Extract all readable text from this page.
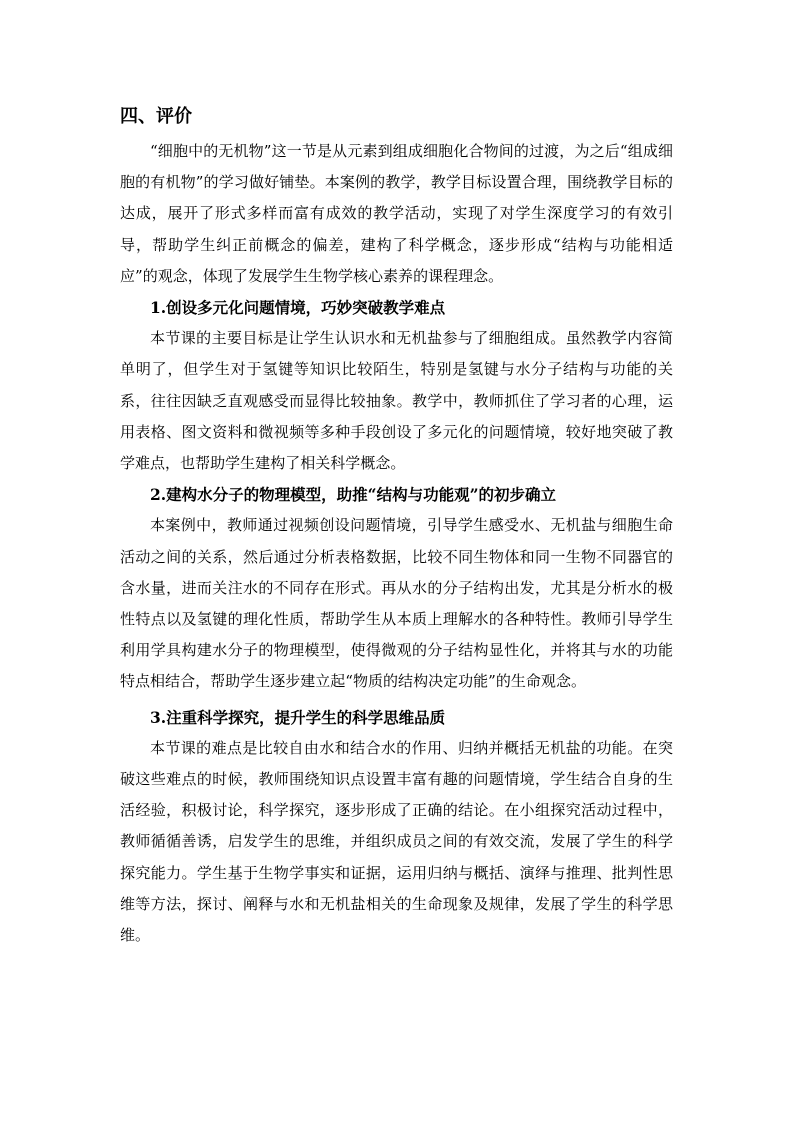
四、评价

“细胞中的无机物”这一节是从元素到组成细胞化合物间的过渡，为之后“组成细胞的有机物”的学习做好铺垫。本案例的教学，教学目标设置合理，围绕教学目标的达成，展开了形式多样而富有成效的教学活动，实现了对学生深度学习的有效引导，帮助学生纠正前概念的偏差，建构了科学概念，逐步形成“结构与功能相适应”的观念，体现了发展学生生物学核心素养的课程理念。

1.创设多元化问题情境，巧妙突破教学难点

本节课的主要目标是让学生认识水和无机盐参与了细胞组成。虽然教学内容简单明了，但学生对于氢键等知识比较陌生，特别是氢键与水分子结构与功能的关系，往往因缺乏直观感受而显得比较抽象。教学中，教师抓住了学习者的心理，运用表格、图文资料和微视频等多种手段创设了多元化的问题情境，较好地突破了教学难点，也帮助学生建构了相关科学概念。

2.建构水分子的物理模型，助推“结构与功能观”的初步确立

本案例中，教师通过视频创设问题情境，引导学生感受水、无机盐与细胞生命活动之间的关系，然后通过分析表格数据，比较不同生物体和同一生物不同器官的含水量，进而关注水的不同存在形式。再从水的分子结构出发，尤其是分析水的极性特点以及氢键的理化性质，帮助学生从本质上理解水的各种特性。教师引导学生利用学具构建水分子的物理模型，使得微观的分子结构显性化，并将其与水的功能特点相结合，帮助学生逐步建立起“物质的结构决定功能”的生命观念。

3.注重科学探究，提升学生的科学思维品质

本节课的难点是比较自由水和结合水的作用、归纳并概括无机盐的功能。在突破这些难点的时候，教师围绕知识点设置丰富有趣的问题情境，学生结合自身的生活经验，积极讨论，科学探究，逐步形成了正确的结论。在小组探究活动过程中，教师循循善诱，启发学生的思维，并组织成员之间的有效交流，发展了学生的科学探究能力。学生基于生物学事实和证据，运用归纳与概括、演绎与推理、批判性思维等方法，探讨、阐释与水和无机盐相关的生命现象及规律，发展了学生的科学思维。
